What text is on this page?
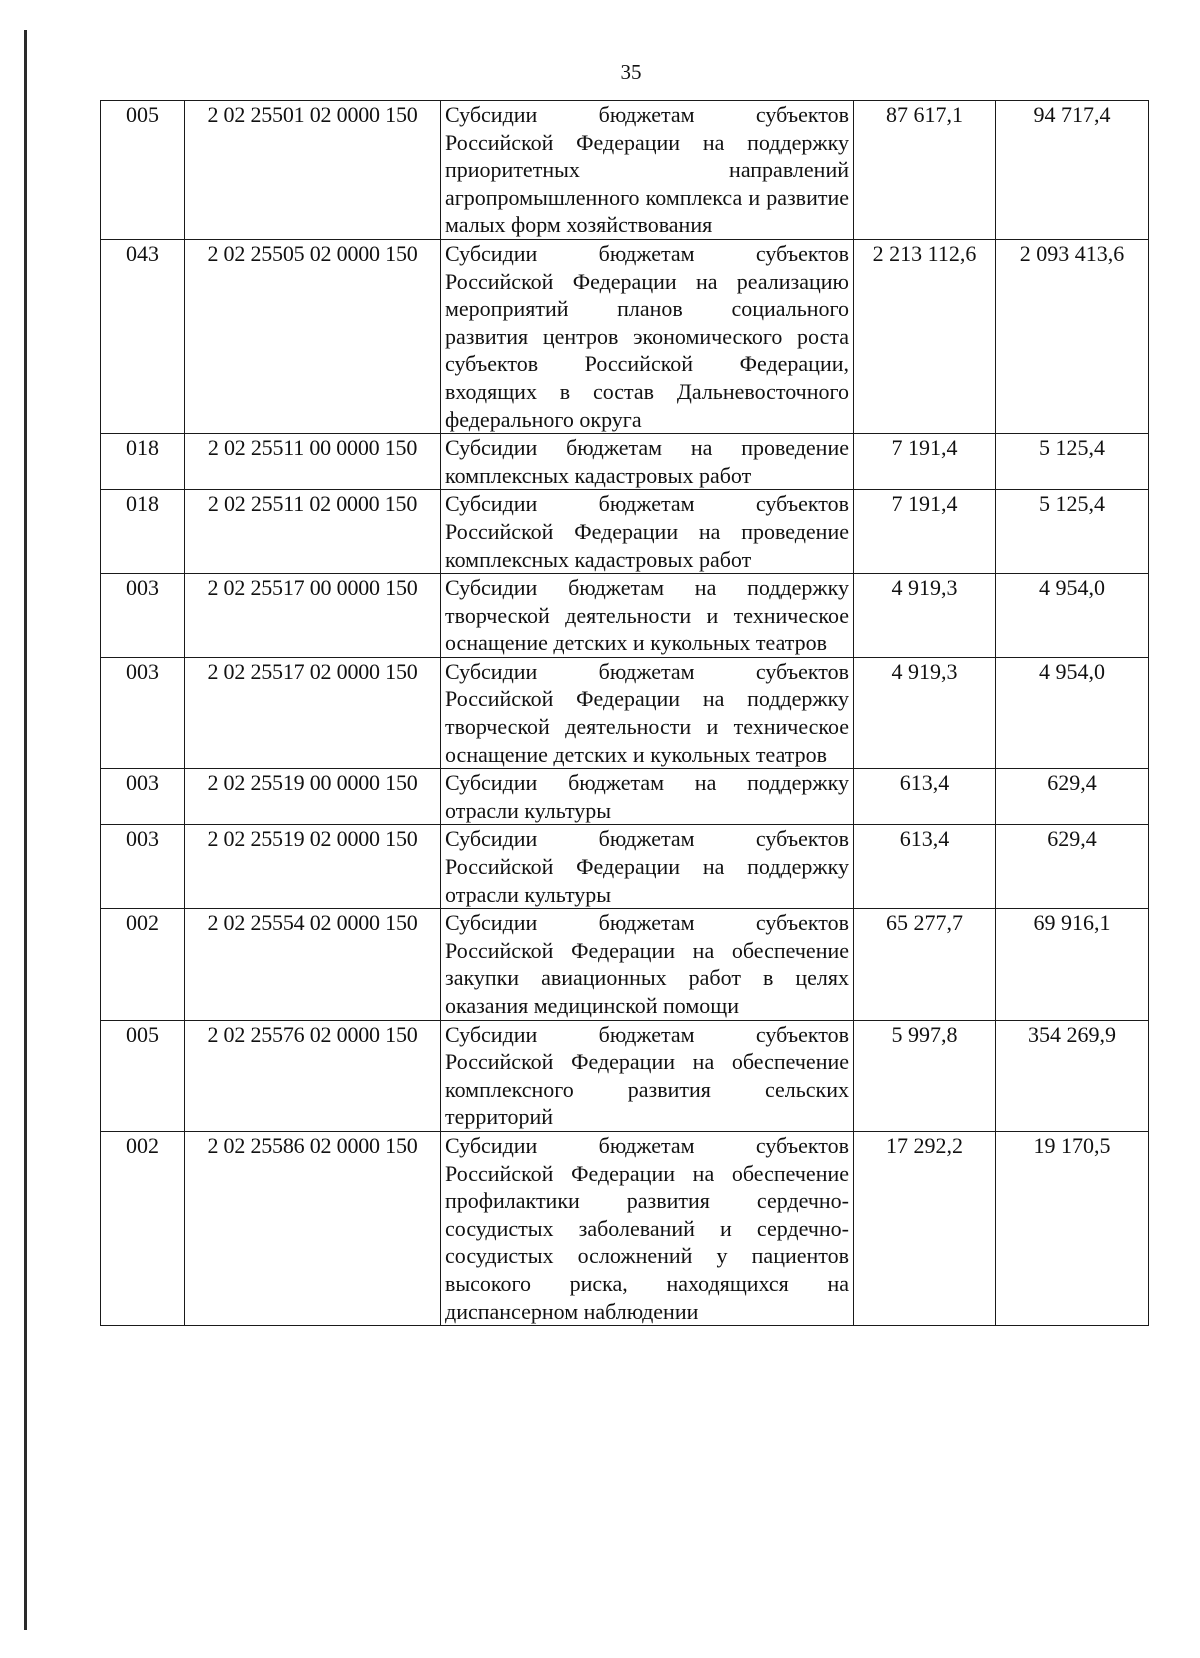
35
005	2 02 25501 02 0000 150	Субсидии бюджетам субъектов Российской Федерации на поддержку приоритетных направлений агропромышленного комплекса и развитие малых форм хозяйствования	87 617,1	94 717,4
043	2 02 25505 02 0000 150	Субсидии бюджетам субъектов Российской Федерации на реализацию мероприятий планов социального развития центров экономического роста субъектов Российской Федерации, входящих в состав Дальневосточного федерального округа	2 213 112,6	2 093 413,6
018	2 02 25511 00 0000 150	Субсидии бюджетам на проведение комплексных кадастровых работ	7 191,4	5 125,4
018	2 02 25511 02 0000 150	Субсидии бюджетам субъектов Российской Федерации на проведение комплексных кадастровых работ	7 191,4	5 125,4
003	2 02 25517 00 0000 150	Субсидии бюджетам на поддержку творческой деятельности и техническое оснащение детских и кукольных театров	4 919,3	4 954,0
003	2 02 25517 02 0000 150	Субсидии бюджетам субъектов Российской Федерации на поддержку творческой деятельности и техническое оснащение детских и кукольных театров	4 919,3	4 954,0
003	2 02 25519 00 0000 150	Субсидии бюджетам на поддержку отрасли культуры	613,4	629,4
003	2 02 25519 02 0000 150	Субсидии бюджетам субъектов Российской Федерации на поддержку отрасли культуры	613,4	629,4
002	2 02 25554 02 0000 150	Субсидии бюджетам субъектов Российской Федерации на обеспечение закупки авиационных работ в целях оказания медицинской помощи	65 277,7	69 916,1
005	2 02 25576 02 0000 150	Субсидии бюджетам субъектов Российской Федерации на обеспечение комплексного развития сельских территорий	5 997,8	354 269,9
002	2 02 25586 02 0000 150	Субсидии бюджетам субъектов Российской Федерации на обеспечение профилактики развития сердечно-сосудистых заболеваний и сердечно-сосудистых осложнений у пациентов высокого риска, находящихся на диспансерном наблюдении	17 292,2	19 170,5
